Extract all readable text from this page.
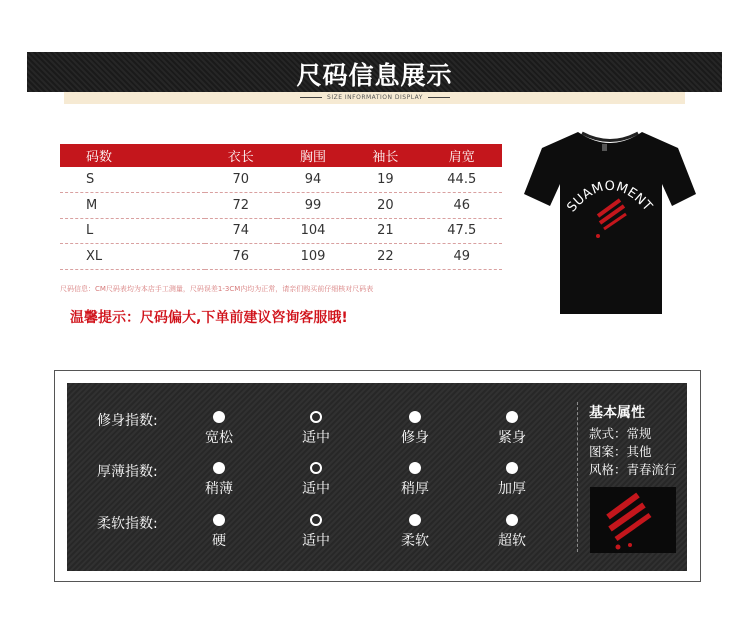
尺码信息展示
SIZE INFORMATION DISPLAY
码数	衣长	胸围	袖长	肩宽
S	70	94	19	44.5
M	72	99	20	46
L	74	104	21	47.5
XL	76	109	22	49
尺码信息：CM尺码表均为本店手工测量，尺码误差1-3CM内均为正常，请亲们购买前仔细核对尺码表
温馨提示：尺码偏大,下单前建议咨询客服哦!
SUAMOMENT
修身指数:
宽松	适中	修身	紧身
厚薄指数:
稍薄	适中	稍厚	加厚
柔软指数:
硬	适中	柔软	超软
基本属性
款式：常规
图案：其他
风格：青春流行
